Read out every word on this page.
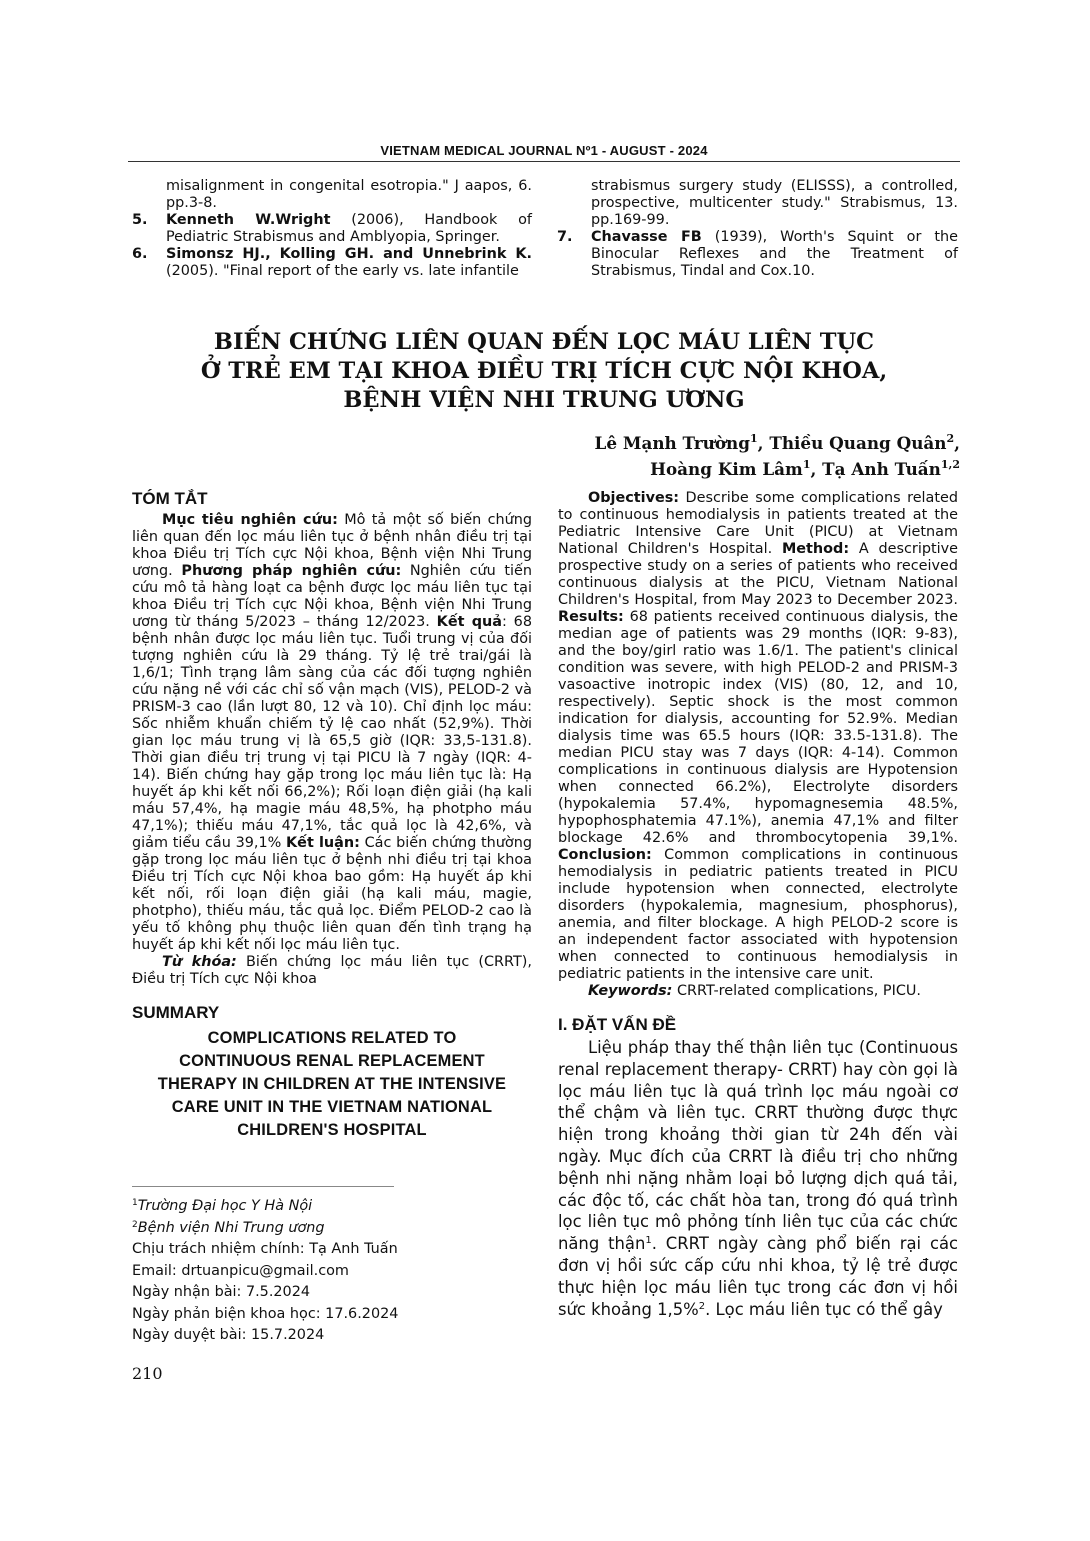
VIETNAM MEDICAL JOURNAL Nº1 - AUGUST - 2024
misalignment in congenital esotropia." J aapos, 6. pp.3-8.
5. Kenneth W.Wright (2006), Handbook of Pediatric Strabismus and Amblyopia, Springer.
6. Simonsz HJ., Kolling GH. and Unnebrink K. (2005). "Final report of the early vs. late infantile
strabismus surgery study (ELISSS), a controlled, prospective, multicenter study." Strabismus, 13. pp.169-99.
7. Chavasse FB (1939), Worth's Squint or the Binocular Reflexes and the Treatment of Strabismus, Tindal and Cox.10.
BIẾN CHỨNG LIÊN QUAN ĐẾN LỌC MÁU LIÊN TỤC
Ở TRẺ EM TẠI KHOA ĐIỀU TRỊ TÍCH CỰC NỘI KHOA,
BỆNH VIỆN NHI TRUNG ƯƠNG
Lê Mạnh Trường$^1$, Thiều Quang Quân$^2$,
Hoàng Kim Lâm$^1$, Tạ Anh Tuấn$^{1,2}$
TÓM TẮT

Mục tiêu nghiên cứu: Mô tả một số biến chứng liên quan đến lọc máu liên tục ở bệnh nhân điều trị tại khoa Điều trị Tích cực Nội khoa, Bệnh viện Nhi Trung ương. Phương pháp nghiên cứu: Nghiên cứu tiến cứu mô tả hàng loạt ca bệnh được lọc máu liên tục tại khoa Điều trị Tích cực Nội khoa, Bệnh viện Nhi Trung ương từ tháng 5/2023 – tháng 12/2023. Kết quả: 68 bệnh nhân được lọc máu liên tục. Tuổi trung vị của đối tượng nghiên cứu là 29 tháng. Tỷ lệ trẻ trai/gái là 1,6/1; Tình trạng lâm sàng của các đối tượng nghiên cứu nặng nề với các chỉ số vận mạch (VIS), PELOD-2 và PRISM-3 cao (lần lượt 80, 12 và 10). Chỉ định lọc máu: Sốc nhiễm khuẩn chiếm tỷ lệ cao nhất (52,9%). Thời gian lọc máu trung vị là 65,5 giờ (IQR: 33,5-131.8). Thời gian điều trị trung vị tại PICU là 7 ngày (IQR: 4-14). Biến chứng hay gặp trong lọc máu liên tục là: Hạ huyết áp khi kết nối 66,2%); Rối loạn điện giải (hạ kali máu 57,4%, hạ magie máu 48,5%, hạ photpho máu 47,1%); thiếu máu 47,1%, tắc quả lọc là 42,6%, và giảm tiểu cầu 39,1% Kết luận: Các biến chứng thường gặp trong lọc máu liên tục ở bệnh nhi điều trị tại khoa Điều trị Tích cực Nội khoa bao gồm: Hạ huyết áp khi kết nối, rối loạn điện giải (hạ kali máu, magie, photpho), thiếu máu, tắc quả lọc. Điểm PELOD-2 cao là yếu tố không phụ thuộc liên quan đến tình trạng hạ huyết áp khi kết nối lọc máu liên tục.

Từ khóa: Biến chứng lọc máu liên tục (CRRT), Điều trị Tích cực Nội khoa

SUMMARY
COMPLICATIONS RELATED TO
CONTINUOUS RENAL REPLACEMENT
THERAPY IN CHILDREN AT THE INTENSIVE
CARE UNIT IN THE VIETNAM NATIONAL
CHILDREN'S HOSPITAL
$^1$Trường Đại học Y Hà Nội
$^2$Bệnh viện Nhi Trung ương
Chịu trách nhiệm chính: Tạ Anh Tuấn
Email: drtuanpicu@gmail.com
Ngày nhận bài: 7.5.2024
Ngày phản biện khoa học: 17.6.2024
Ngày duyệt bài: 15.7.2024

Objectives: Describe some complications related to continuous hemodialysis in patients treated at the Pediatric Intensive Care Unit (PICU) at Vietnam National Children's Hospital. Method: A descriptive prospective study on a series of patients who received continuous dialysis at the PICU, Vietnam National Children's Hospital, from May 2023 to December 2023. Results: 68 patients received continuous dialysis, the median age of patients was 29 months (IQR: 9-83), and the boy/girl ratio was 1.6/1. The patient's clinical condition was severe, with high PELOD-2 and PRISM-3 vasoactive inotropic index (VIS) (80, 12, and 10, respectively). Septic shock is the most common indication for dialysis, accounting for 52.9%. Median dialysis time was 65.5 hours (IQR: 33.5-131.8). The median PICU stay was 7 days (IQR: 4-14). Common complications in continuous dialysis are Hypotension when connected 66.2%), Electrolyte disorders (hypokalemia 57.4%, hypomagnesemia 48.5%, hypophosphatemia 47.1%), anemia 47,1% and filter blockage 42.6% and thrombocytopenia 39,1%. Conclusion: Common complications in continuous hemodialysis in pediatric patients treated in PICU include hypotension when connected, electrolyte disorders (hypokalemia, magnesium, phosphorus), anemia, and filter blockage. A high PELOD-2 score is an independent factor associated with hypotension when connected to continuous hemodialysis in pediatric patients in the intensive care unit.

Keywords: CRRT-related complications, PICU.

I. ĐẶT VẤN ĐỀ
Liệu pháp thay thế thận liên tục (Continuous renal replacement therapy- CRRT) hay còn gọi là lọc máu liên tục là quá trình lọc máu ngoài cơ thể chậm và liên tục. CRRT thường được thực hiện trong khoảng thời gian từ 24h đến vài ngày. Mục đích của CRRT là điều trị cho những bệnh nhi nặng nhằm loại bỏ lượng dịch quá tải, các độc tố, các chất hòa tan, trong đó quá trình lọc liên tục mô phỏng tính liên tục của các chức năng thận$^1$. CRRT ngày càng phổ biến rại các đơn vị hồi sức cấp cứu nhi khoa, tỷ lệ trẻ được thực hiện lọc máu liên tục trong các đơn vị hồi sức khoảng 1,5%$^2$. Lọc máu liên tục có thể gây
210
